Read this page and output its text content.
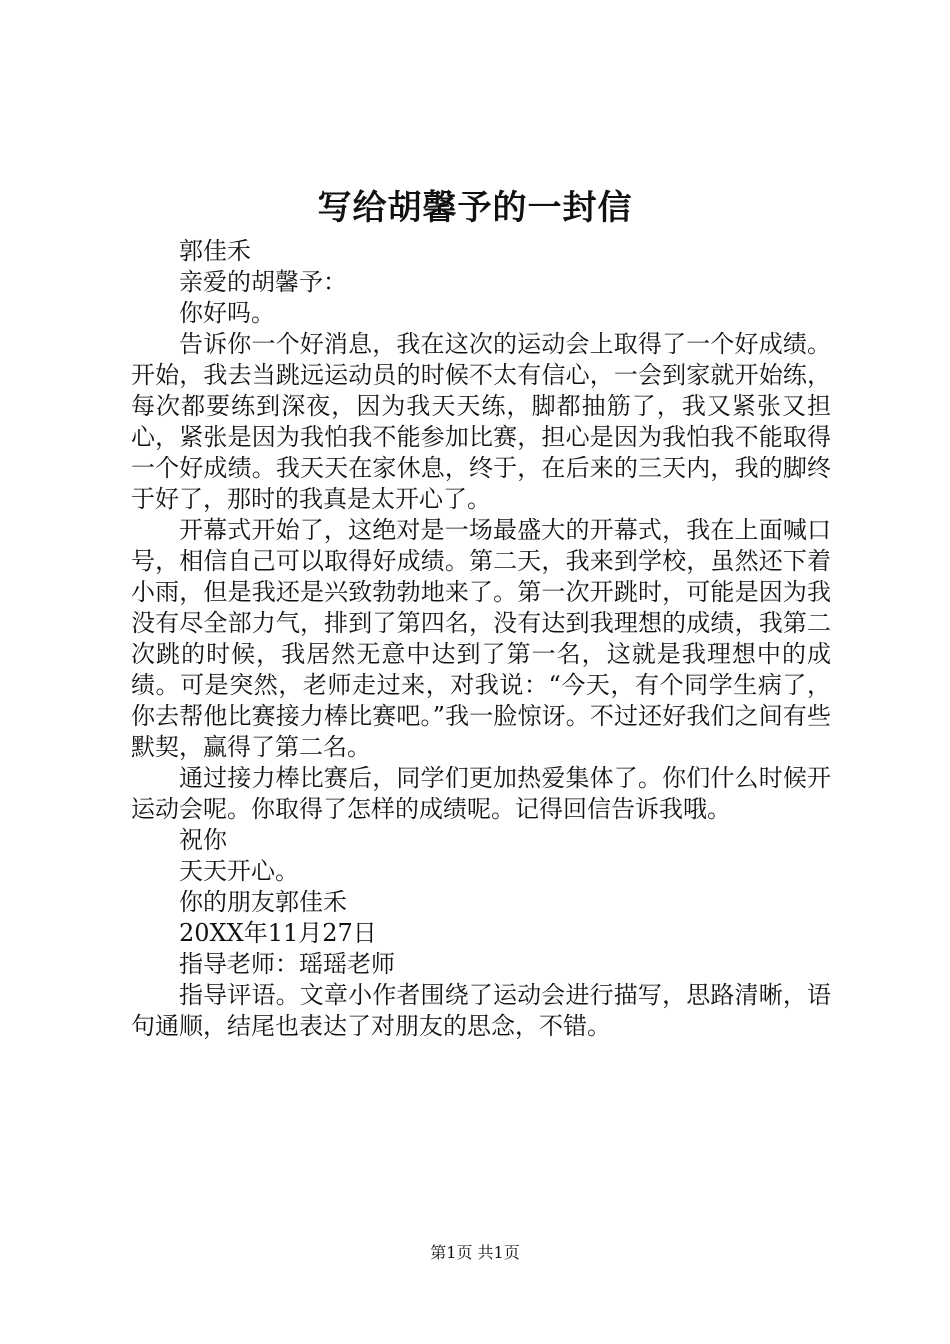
写给胡馨予的一封信

郭佳禾

亲爱的胡馨予：

你好吗。

告诉你一个好消息，我在这次的运动会上取得了一个好成绩。开始，我去当跳远运动员的时候不太有信心，一会到家就开始练，每次都要练到深夜，因为我天天练，脚都抽筋了，我又紧张又担心，紧张是因为我怕我不能参加比赛，担心是因为我怕我不能取得一个好成绩。我天天在家休息，终于，在后来的三天内，我的脚终于好了，那时的我真是太开心了。

开幕式开始了，这绝对是一场最盛大的开幕式，我在上面喊口号，相信自己可以取得好成绩。第二天，我来到学校，虽然还下着小雨，但是我还是兴致勃勃地来了。第一次开跳时，可能是因为我没有尽全部力气，排到了第四名，没有达到我理想的成绩，我第二次跳的时候，我居然无意中达到了第一名，这就是我理想中的成绩。可是突然，老师走过来，对我说：“今天，有个同学生病了，你去帮他比赛接力棒比赛吧。”我一脸惊讶。不过还好我们之间有些默契，赢得了第二名。

通过接力棒比赛后，同学们更加热爱集体了。你们什么时候开运动会呢。你取得了怎样的成绩呢。记得回信告诉我哦。

祝你

天天开心。

你的朋友郭佳禾

20XX年11月27日

指导老师：瑶瑶老师

指导评语。文章小作者围绕了运动会进行描写，思路清晰，语句通顺，结尾也表达了对朋友的思念，不错。

第1页 共1页
